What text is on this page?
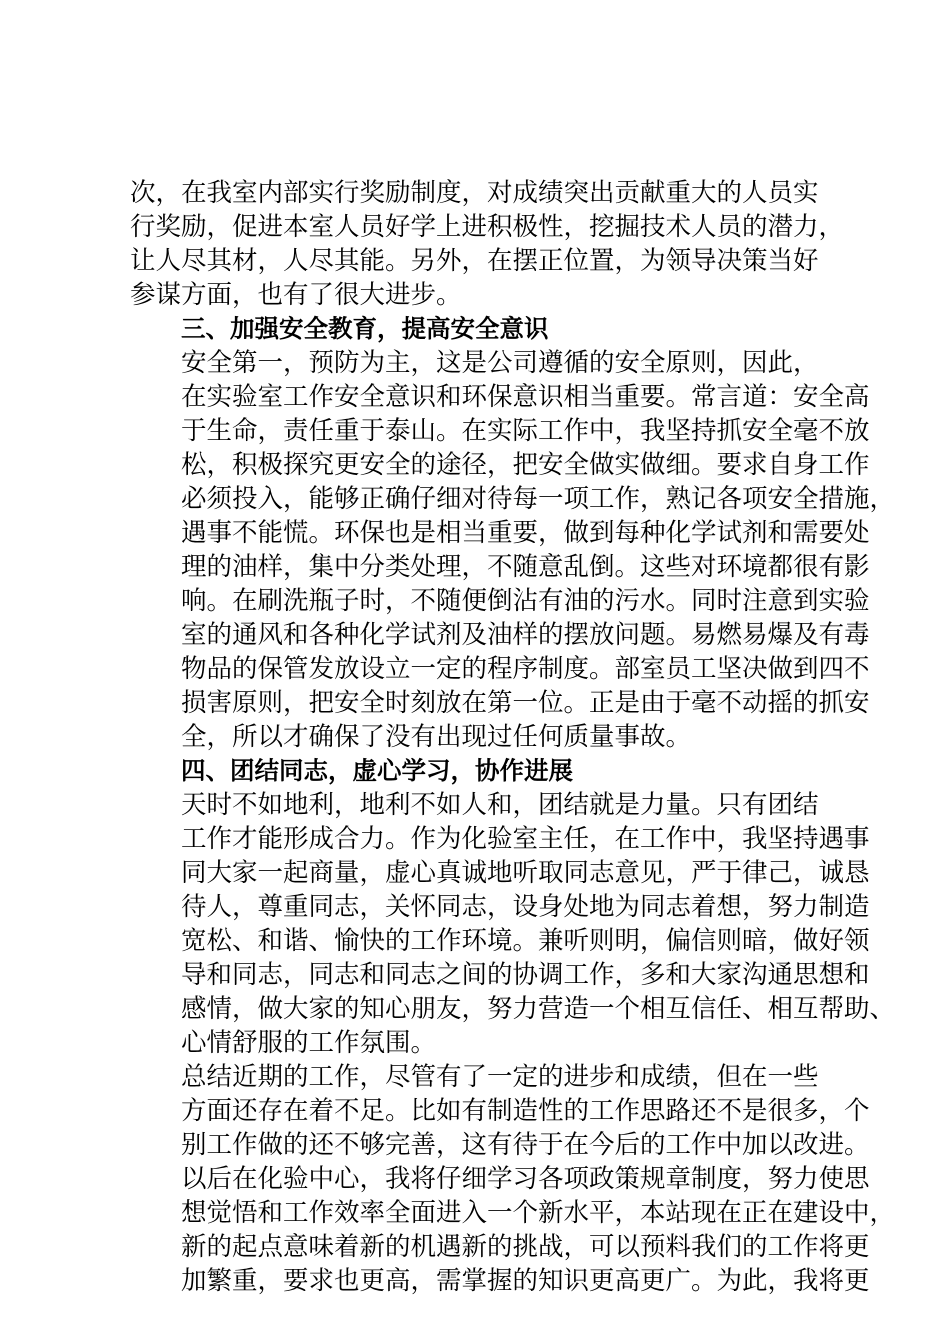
次，在我室内部实行奖励制度，对成绩突出贡献重大的人员实
行奖励，促进本室人员好学上进积极性，挖掘技术人员的潜力，
让人尽其材，人尽其能。另外，在摆正位置，为领导决策当好
参谋方面，也有了很大进步。

三、加强安全教育，提高安全意识

安全第一，预防为主，这是公司遵循的安全原则，因此，
在实验室工作安全意识和环保意识相当重要。常言道：安全高
于生命，责任重于泰山。在实际工作中，我坚持抓安全毫不放
松，积极探究更安全的途径，把安全做实做细。要求自身工作
必须投入，能够正确仔细对待每一项工作，熟记各项安全措施，
遇事不能慌。环保也是相当重要，做到每种化学试剂和需要处
理的油样，集中分类处理，不随意乱倒。这些对环境都很有影
响。在刷洗瓶子时，不随便倒沾有油的污水。同时注意到实验
室的通风和各种化学试剂及油样的摆放问题。易燃易爆及有毒
物品的保管发放设立一定的程序制度。部室员工坚决做到四不
损害原则，把安全时刻放在第一位。正是由于毫不动摇的抓安
全，所以才确保了没有出现过任何质量事故。

四、团结同志，虚心学习，协作进展

天时不如地利，地利不如人和，团结就是力量。只有团结
工作才能形成合力。作为化验室主任，在工作中，我坚持遇事
同大家一起商量，虚心真诚地听取同志意见，严于律己，诚恳
待人，尊重同志，关怀同志，设身处地为同志着想，努力制造
宽松、和谐、愉快的工作环境。兼听则明，偏信则暗，做好领
导和同志，同志和同志之间的协调工作，多和大家沟通思想和
感情，做大家的知心朋友，努力营造一个相互信任、相互帮助、
心情舒服的工作氛围。

总结近期的工作，尽管有了一定的进步和成绩，但在一些
方面还存在着不足。比如有制造性的工作思路还不是很多，个
别工作做的还不够完善，这有待于在今后的工作中加以改进。
以后在化验中心，我将仔细学习各项政策规章制度，努力使思
想觉悟和工作效率全面进入一个新水平，本站现在正在建设中，
新的起点意味着新的机遇新的挑战，可以预料我们的工作将更
加繁重，要求也更高，需掌握的知识更高更广。为此，我将更
